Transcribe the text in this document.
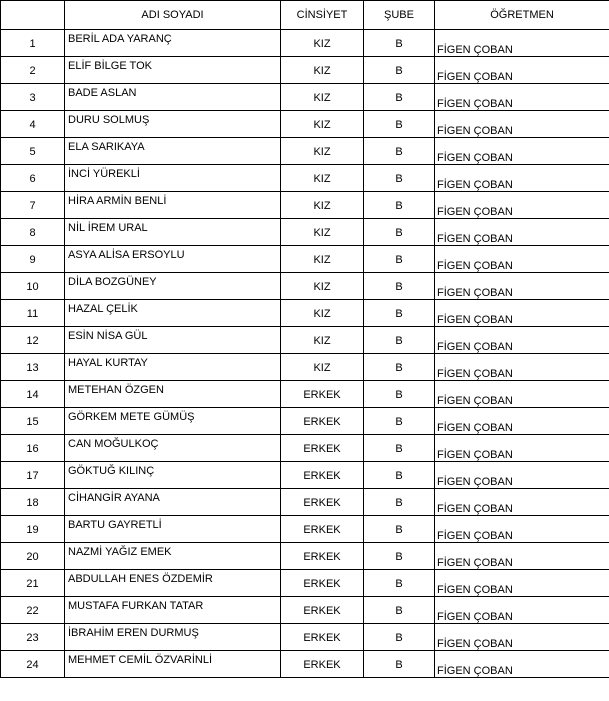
	ADI SOYADI	CİNSİYET	ŞUBE	ÖĞRETMEN
1	BERİL ADA YARANÇ	KIZ	B	FİGEN ÇOBAN
2	ELİF BİLGE TOK	KIZ	B	FİGEN ÇOBAN
3	BADE ASLAN	KIZ	B	FİGEN ÇOBAN
4	DURU SOLMUŞ	KIZ	B	FİGEN ÇOBAN
5	ELA SARIKAYA	KIZ	B	FİGEN ÇOBAN
6	İNCİ YÜREKLİ	KIZ	B	FİGEN ÇOBAN
7	HİRA ARMİN BENLİ	KIZ	B	FİGEN ÇOBAN
8	NİL İREM URAL	KIZ	B	FİGEN ÇOBAN
9	ASYA ALİSA ERSOYLU	KIZ	B	FİGEN ÇOBAN
10	DİLA BOZGÜNEY	KIZ	B	FİGEN ÇOBAN
11	HAZAL ÇELİK	KIZ	B	FİGEN ÇOBAN
12	ESİN NİSA GÜL	KIZ	B	FİGEN ÇOBAN
13	HAYAL KURTAY	KIZ	B	FİGEN ÇOBAN
14	METEHAN ÖZGEN	ERKEK	B	FİGEN ÇOBAN
15	GÖRKEM METE GÜMÜŞ	ERKEK	B	FİGEN ÇOBAN
16	CAN MOĞULKOÇ	ERKEK	B	FİGEN ÇOBAN
17	GÖKTUĞ KILINÇ	ERKEK	B	FİGEN ÇOBAN
18	CİHANGİR AYANA	ERKEK	B	FİGEN ÇOBAN
19	BARTU GAYRETLİ	ERKEK	B	FİGEN ÇOBAN
20	NAZMİ YAĞIZ EMEK	ERKEK	B	FİGEN ÇOBAN
21	ABDULLAH ENES ÖZDEMİR	ERKEK	B	FİGEN ÇOBAN
22	MUSTAFA FURKAN TATAR	ERKEK	B	FİGEN ÇOBAN
23	İBRAHİM EREN DURMUŞ	ERKEK	B	FİGEN ÇOBAN
24	MEHMET CEMİL ÖZVARİNLİ	ERKEK	B	FİGEN ÇOBAN
